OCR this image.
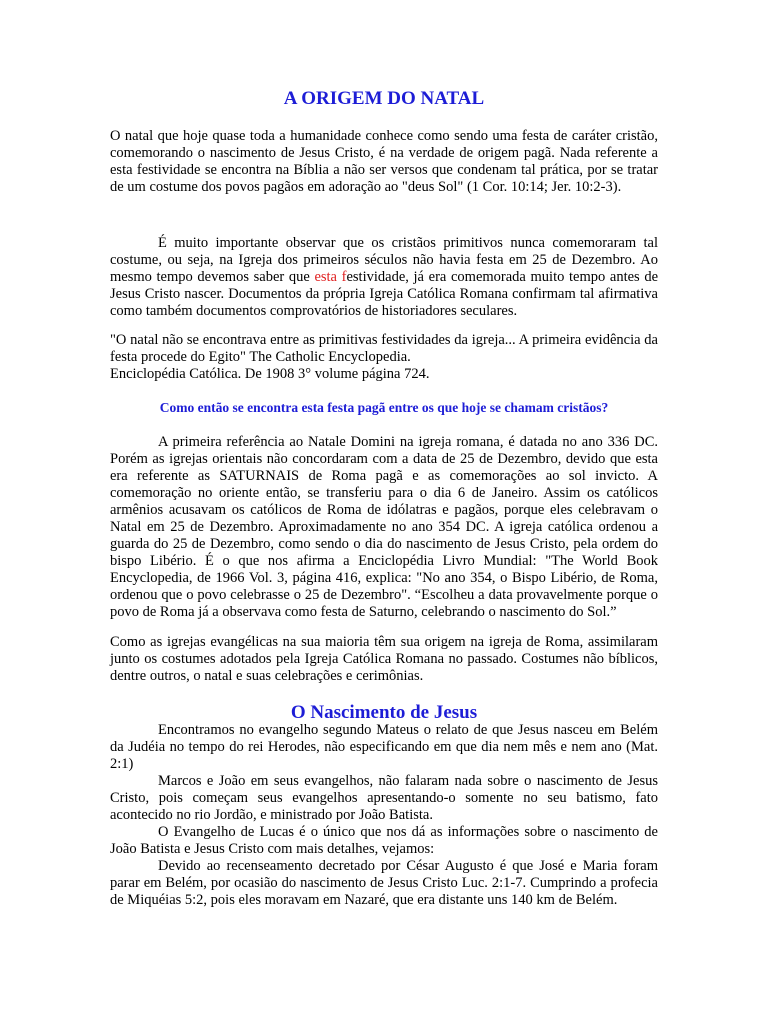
A ORIGEM DO NATAL

O natal que hoje quase toda a humanidade conhece como sendo uma festa de caráter cristão, comemorando o nascimento de Jesus Cristo, é na verdade de origem pagã. Nada referente a esta festividade se encontra na Bíblia a não ser versos que condenam tal prática, por se tratar de um costume dos povos pagãos em adoração ao "deus Sol" (1 Cor. 10:14; Jer. 10:2-3).

É muito importante observar que os cristãos primitivos nunca comemoraram tal costume, ou seja, na Igreja dos primeiros séculos não havia festa em 25 de Dezembro. Ao mesmo tempo devemos saber que esta festividade, já era comemorada muito tempo antes de Jesus Cristo nascer. Documentos da própria Igreja Católica Romana confirmam tal afirmativa como também documentos comprovatórios de historiadores seculares.

"O natal não se encontrava entre as primitivas festividades da igreja... A primeira evidência da festa procede do Egito" The Catholic Encyclopedia.
Enciclopédia Católica. De 1908 3° volume página 724.

Como então se encontra esta festa pagã entre os que hoje se chamam cristãos?

A primeira referência ao Natale Domini na igreja romana, é datada no ano 336 DC. Porém as igrejas orientais não concordaram com a data de 25 de Dezembro, devido que esta era referente as SATURNAIS de Roma pagã e as comemorações ao sol invicto. A comemoração no oriente então, se transferiu para o dia 6 de Janeiro. Assim os católicos armênios acusavam os católicos de Roma de idólatras e pagãos, porque eles celebravam o Natal em 25 de Dezembro. Aproximadamente no ano 354 DC. A igreja católica ordenou a guarda do 25 de Dezembro, como sendo o dia do nascimento de Jesus Cristo, pela ordem do bispo Libério. É o que nos afirma a Enciclopédia Livro Mundial: "The World Book Encyclopedia, de 1966 Vol. 3, página 416, explica: "No ano 354, o Bispo Libério, de Roma, ordenou que o povo celebrasse o 25 de Dezembro". “Escolheu a data provavelmente porque o povo de Roma já a observava como festa de Saturno, celebrando o nascimento do Sol.”

Como as igrejas evangélicas na sua maioria têm sua origem na igreja de Roma, assimilaram junto os costumes adotados pela Igreja Católica Romana no passado. Costumes não bíblicos, dentre outros, o natal e suas celebrações e cerimônias.

O Nascimento de Jesus

Encontramos no evangelho segundo Mateus o relato de que Jesus nasceu em Belém da Judéia no tempo do rei Herodes, não especificando em que dia nem mês e nem ano (Mat. 2:1)

Marcos e João em seus evangelhos, não falaram nada sobre o nascimento de Jesus Cristo, pois começam seus evangelhos apresentando-o somente no seu batismo, fato acontecido no rio Jordão, e ministrado por João Batista.

O Evangelho de Lucas é o único que nos dá as informações sobre o nascimento de João Batista e Jesus Cristo com mais detalhes, vejamos:

Devido ao recenseamento decretado por César Augusto é que José e Maria foram parar em Belém, por ocasião do nascimento de Jesus Cristo Luc. 2:1-7. Cumprindo a profecia de Miquéias 5:2, pois eles moravam em Nazaré, que era distante uns 140 km de Belém.
